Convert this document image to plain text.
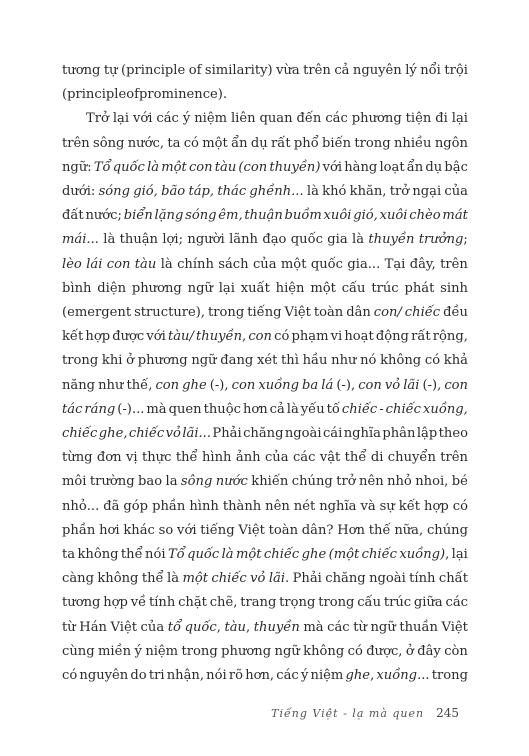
tương tự (principle of similarity) vừa trên cả nguyên lý nổi trội
(principle of prominence).
Trở lại với các ý niệm liên quan đến các phương tiện đi lại
trên sông nước, ta có một ẩn dụ rất phổ biến trong nhiều ngôn
ngữ: Tổ quốc là một con tàu (con thuyền) với hàng loạt ẩn dụ bậc
dưới: sóng gió, bão táp, thác ghềnh... là khó khăn, trở ngại của
đất nước; biển lặng sóng êm, thuận buồm xuôi gió, xuôi chèo mát
mái... là thuận lợi; người lãnh đạo quốc gia là thuyền trưởng;
lèo lái con tàu là chính sách của một quốc gia... Tại đây, trên
bình diện phương ngữ lại xuất hiện một cấu trúc phát sinh
(emergent structure), trong tiếng Việt toàn dân con/ chiếc đều
kết hợp được với tàu/ thuyền, con có phạm vi hoạt động rất rộng,
trong khi ở phương ngữ đang xét thì hầu như nó không có khả
năng như thế, con ghe (-), con xuồng ba lá (-), con vỏ lãi (-), con
tác ráng (-)... mà quen thuộc hơn cả là yếu tố chiếc - chiếc xuồng,
chiếc ghe, chiếc vỏ lãi... Phải chăng ngoài cái nghĩa phân lập theo
từng đơn vị thực thể hình ảnh của các vật thể di chuyển trên
môi trường bao la sông nước khiến chúng trở nên nhỏ nhoi, bé
nhỏ... đã góp phần hình thành nên nét nghĩa và sự kết hợp có
phần hơi khác so với tiếng Việt toàn dân? Hơn thế nữa, chúng
ta không thể nói Tổ quốc là một chiếc ghe (một chiếc xuồng), lại
càng không thể là một chiếc vỏ lãi. Phải chăng ngoài tính chất
tương hợp về tính chặt chẽ, trang trọng trong cấu trúc giữa các
từ Hán Việt của tổ quốc, tàu, thuyền mà các từ ngữ thuần Việt
cùng miền ý niệm trong phương ngữ không có được, ở đây còn
có nguyên do tri nhận, nói rõ hơn, các ý niệm ghe, xuồng... trong
Tiếng Việt - lạ mà quen 245
